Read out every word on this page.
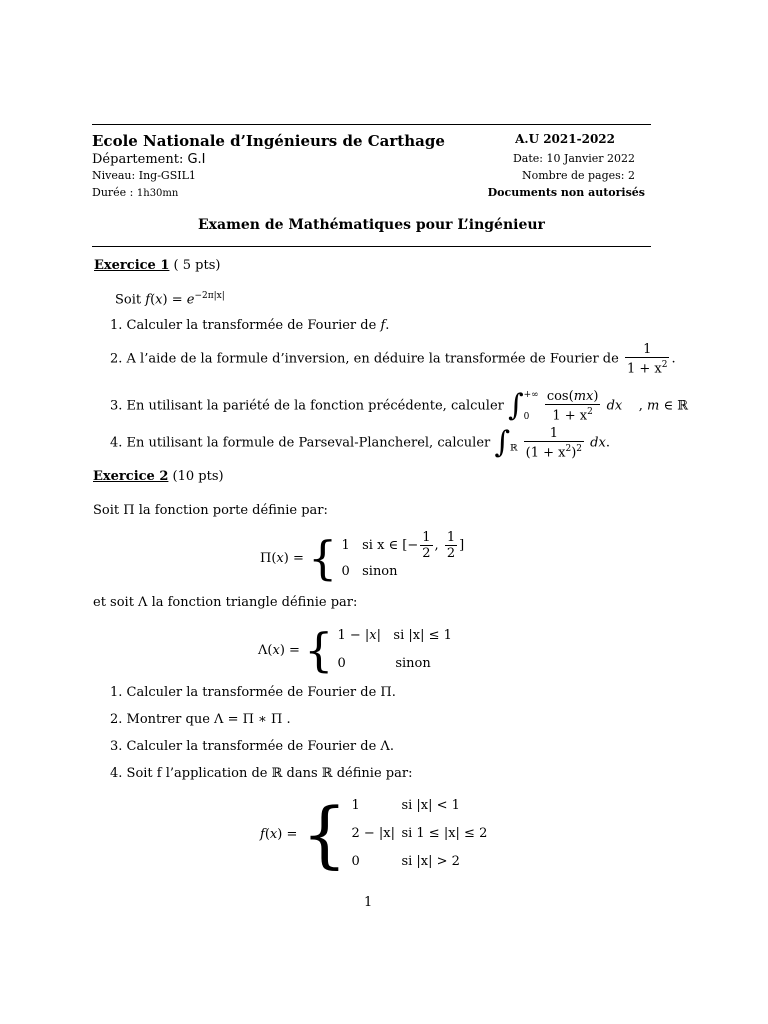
Ecole Nationale d’Ingénieurs de Carthage	A.U 2021-2022
Département: G.I	Date: 10 Janvier 2022
Niveau: Ing-GSIL1	Nombre de pages: 2
Durée : 1h30mn	Documents non autorisés
Examen de Mathématiques pour L’ingénieur
Exercice 1 ( 5 pts)
Soit $f(x) = e^{-2\pi|x|}$
1. Calculer la transformée de Fourier de f.
2. A l’aide de la formule d’inversion, en déduire la transformée de Fourier de $\frac{1}{1 + x^2}$ .
3. En utilisant la pariété de la fonction précédente, calculer ∫ +∞
0
	$\frac{\cos(mx)}{1 + x^2}$ dx    , m ∈ ℝ
4. En utilisant la formule de Parseval-Plancherel, calculer $\int_ℝ \frac{1}{(1 + x^2)^2}$ dx.
Exercice 2 (10 pts)
Soit Π la fonction porte définie par:
Π(x) = { 1   si x ∈ [− $\frac{1}{2}$ , $\frac{1}{2}$ ]
0   sinon
et soit Λ la fonction triangle définie par:
Λ(x) = { 1 − |x|   si |x| ≤ 1
0            sinon
1. Calculer la transformée de Fourier de Π.
2. Montrer que Λ = Π ∗ Π .
3. Calculer la transformée de Fourier de Λ.
4. Soit f l’application de ℝ dans ℝ définie par:
f(x) = { 1	si |x| < 1
2 − |x| si 1 ≤ |x| ≤ 2
0	si |x| > 2
1
